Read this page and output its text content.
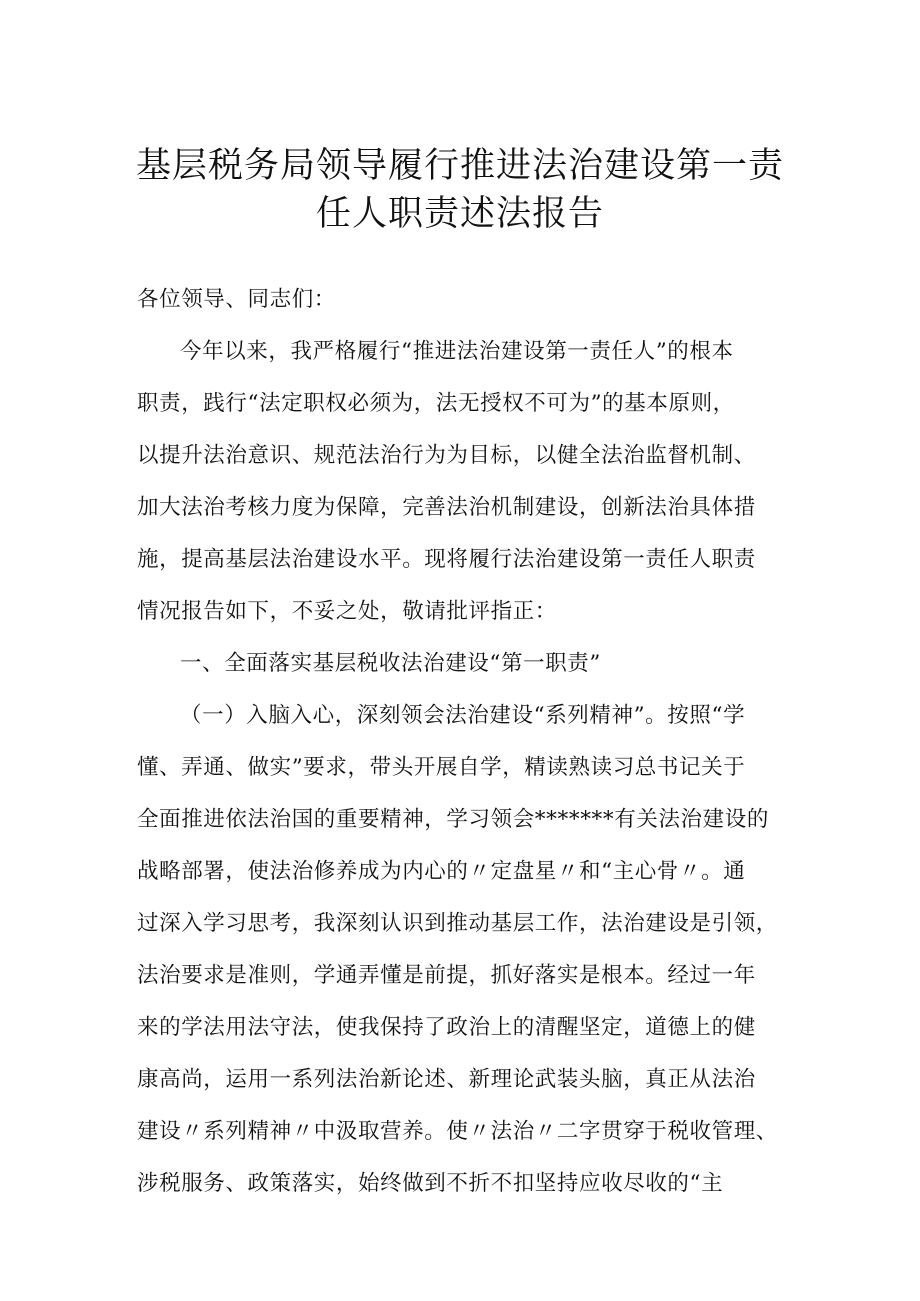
基层税务局领导履行推进法治建设第一责
任人职责述法报告
各位领导、同志们：
今年以来，我严格履行“推进法治建设第一责任人”的根本
职责，践行“法定职权必须为，法无授权不可为”的基本原则，
以提升法治意识、规范法治行为为目标，以健全法治监督机制、
加大法治考核力度为保障，完善法治机制建设，创新法治具体措
施，提高基层法治建设水平。现将履行法治建设第一责任人职责
情况报告如下，不妥之处，敬请批评指正：
一、全面落实基层税收法治建设“第一职责”
（一）入脑入心，深刻领会法治建设“系列精神”。按照“学
懂、弄通、做实”要求，带头开展自学，精读熟读习总书记关于
全面推进依法治国的重要精神，学习领会*******有关法治建设的
战略部署，使法治修养成为内心的〃定盘星〃和“主心骨〃。通
过深入学习思考，我深刻认识到推动基层工作，法治建设是引领，
法治要求是准则，学通弄懂是前提，抓好落实是根本。经过一年
来的学法用法守法，使我保持了政治上的清醒坚定，道德上的健
康高尚，运用一系列法治新论述、新理论武装头脑，真正从法治
建设〃系列精神〃中汲取营养。使〃法治〃二字贯穿于税收管理、
涉税服务、政策落实，始终做到不折不扣坚持应收尽收的“主
